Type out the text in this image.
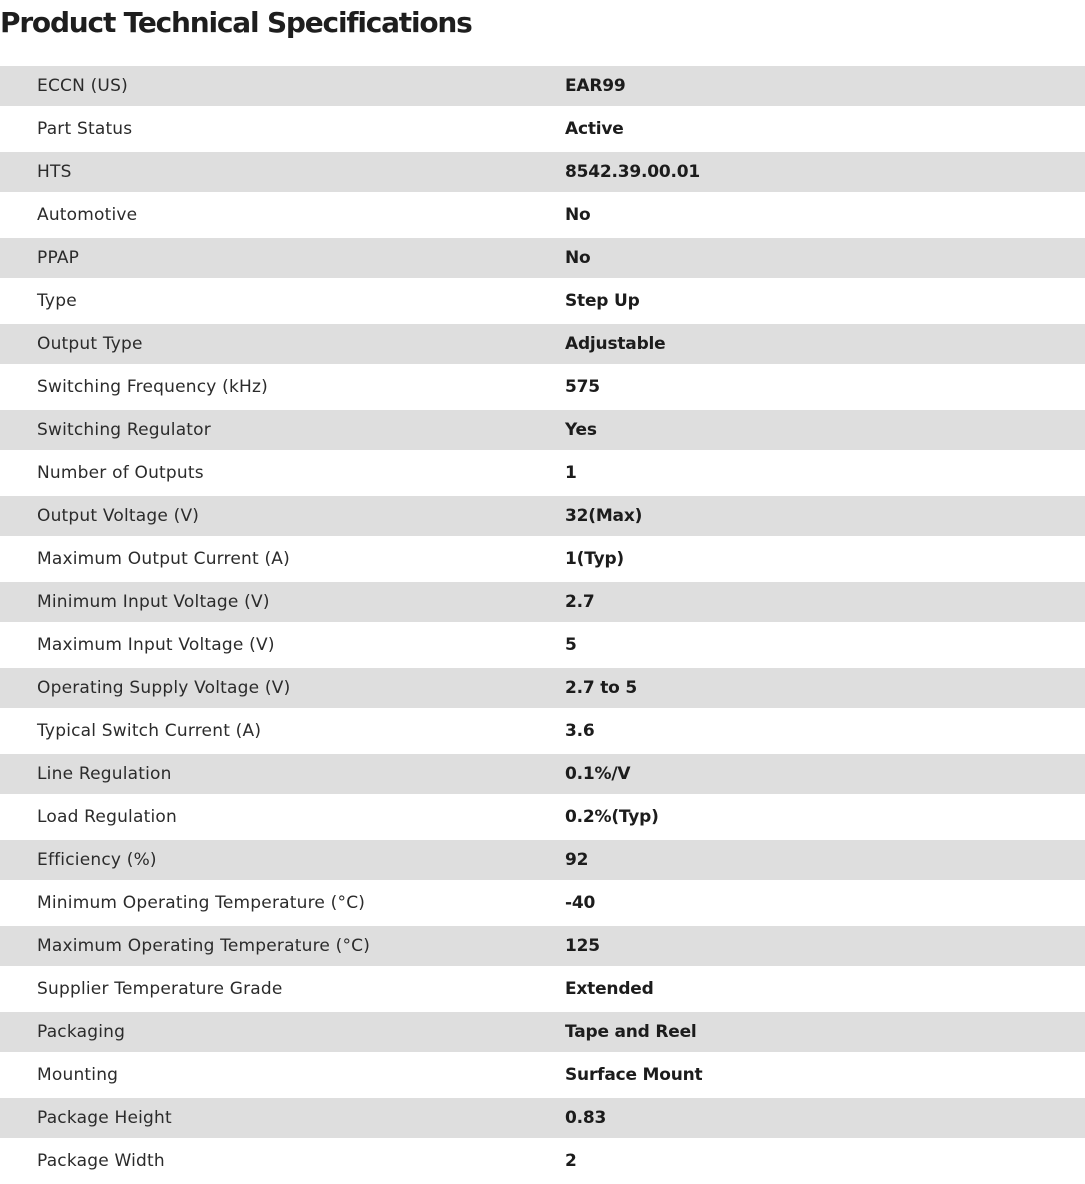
Product Technical Specifications
ECCN (US)	EAR99
Part Status	Active
HTS	8542.39.00.01
Automotive	No
PPAP	No
Type	Step Up
Output Type	Adjustable
Switching Frequency (kHz)	575
Switching Regulator	Yes
Number of Outputs	1
Output Voltage (V)	32(Max)
Maximum Output Current (A)	1(Typ)
Minimum Input Voltage (V)	2.7
Maximum Input Voltage (V)	5
Operating Supply Voltage (V)	2.7 to 5
Typical Switch Current (A)	3.6
Line Regulation	0.1%/V
Load Regulation	0.2%(Typ)
Efficiency (%)	92
Minimum Operating Temperature (°C)	-40
Maximum Operating Temperature (°C)	125
Supplier Temperature Grade	Extended
Packaging	Tape and Reel
Mounting	Surface Mount
Package Height	0.83
Package Width	2
